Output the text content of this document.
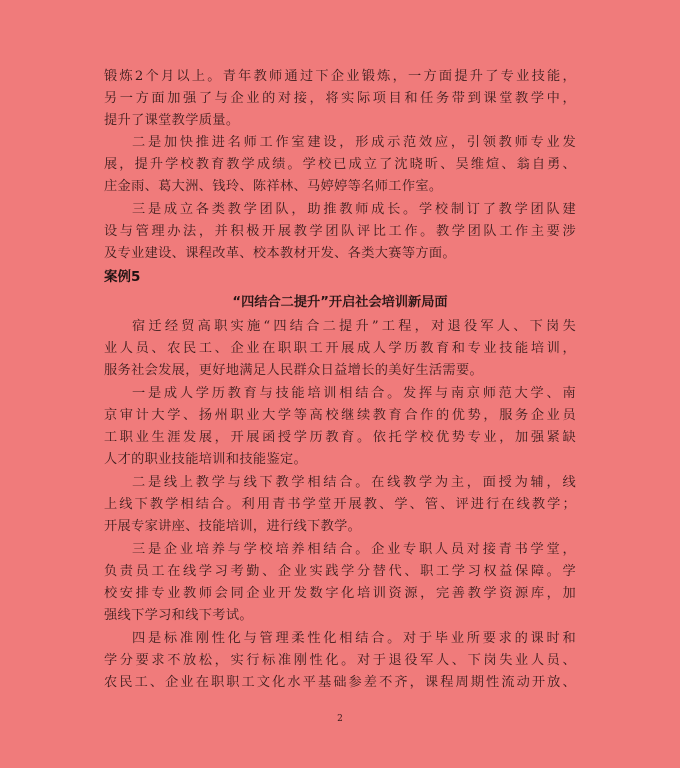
锻炼2个月以上。青年教师通过下企业锻炼，一方面提升了专业技能，
另一方面加强了与企业的对接，将实际项目和任务带到课堂教学中，
提升了课堂教学质量。
二是加快推进名师工作室建设，形成示范效应，引领教师专业发
展，提升学校教育教学成绩。学校已成立了沈晓昕、吴维煊、翁自勇、
庄金雨、葛大洲、钱玲、陈祥林、马婷婷等名师工作室。
三是成立各类教学团队，助推教师成长。学校制订了教学团队建
设与管理办法，并积极开展教学团队评比工作。教学团队工作主要涉
及专业建设、课程改革、校本教材开发、各类大赛等方面。
案例5
“四结合二提升”开启社会培训新局面
宿迁经贸高职实施“四结合二提升”工程，对退役军人、下岗失
业人员、农民工、企业在职职工开展成人学历教育和专业技能培训，
服务社会发展，更好地满足人民群众日益增长的美好生活需要。
一是成人学历教育与技能培训相结合。发挥与南京师范大学、南
京审计大学、扬州职业大学等高校继续教育合作的优势，服务企业员
工职业生涯发展，开展函授学历教育。依托学校优势专业，加强紧缺
人才的职业技能培训和技能鉴定。
二是线上教学与线下教学相结合。在线教学为主，面授为辅，线
上线下教学相结合。利用青书学堂开展教、学、管、评进行在线教学；
开展专家讲座、技能培训，进行线下教学。
三是企业培养与学校培养相结合。企业专职人员对接青书学堂，
负责员工在线学习考勤、企业实践学分替代、职工学习权益保障。学
校安排专业教师会同企业开发数字化培训资源，完善教学资源库，加
强线下学习和线下考试。
四是标准刚性化与管理柔性化相结合。对于毕业所要求的课时和
学分要求不放松，实行标准刚性化。对于退役军人、下岗失业人员、
农民工、企业在职职工文化水平基础参差不齐，课程周期性流动开放、
2
